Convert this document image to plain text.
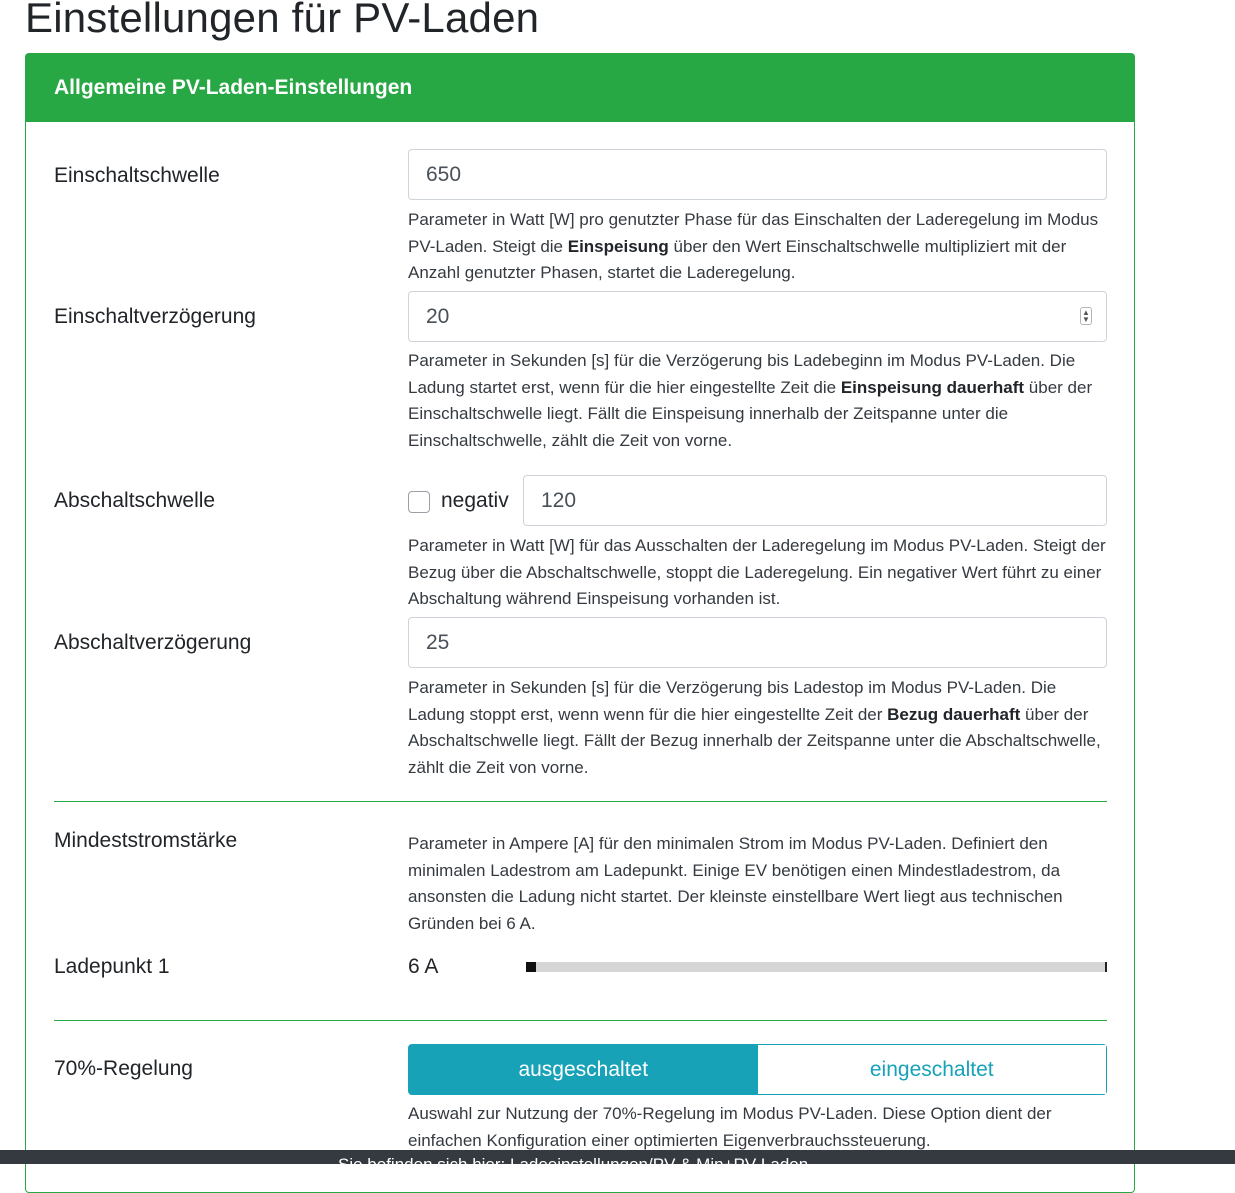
Einstellungen für PV-Laden
Allgemeine PV-Laden-Einstellungen
Einschaltschwelle	650
Parameter in Watt [W] pro genutzter Phase für das Einschalten der Laderegelung im Modus PV-Laden. Steigt die Einspeisung über den Wert Einschaltschwelle multipliziert mit der Anzahl genutzter Phasen, startet die Laderegelung.
Einschaltverzögerung	20	▲
▼
Parameter in Sekunden [s] für die Verzögerung bis Ladebeginn im Modus PV-Laden. Die Ladung startet erst, wenn für die hier eingestellte Zeit die Einspeisung dauerhaft über der Einschaltschwelle liegt. Fällt die Einspeisung innerhalb der Zeitspanne unter die Einschaltschwelle, zählt die Zeit von vorne.
Abschaltschwelle	negativ	120
Parameter in Watt [W] für das Ausschalten der Laderegelung im Modus PV-Laden. Steigt der Bezug über die Abschaltschwelle, stoppt die Laderegelung. Ein negativer Wert führt zu einer Abschaltung während Einspeisung vorhanden ist.
Abschaltverzögerung	25
Parameter in Sekunden [s] für die Verzögerung bis Ladestop im Modus PV-Laden. Die Ladung stoppt erst, wenn wenn für die hier eingestellte Zeit der Bezug dauerhaft über der Abschaltschwelle liegt. Fällt der Bezug innerhalb der Zeitspanne unter die Abschaltschwelle, zählt die Zeit von vorne.
Mindeststromstärke	Parameter in Ampere [A] für den minimalen Strom im Modus PV-Laden. Definiert den minimalen Ladestrom am Ladepunkt. Einige EV benötigen einen Mindestladestrom, da ansonsten die Ladung nicht startet. Der kleinste einstellbare Wert liegt aus technischen Gründen bei 6 A.
Ladepunkt 1	6 A
70%-Regelung	ausgeschaltet	eingeschaltet
Auswahl zur Nutzung der 70%-Regelung im Modus PV-Laden. Diese Option dient der einfachen Konfiguration einer optimierten Eigenverbrauchssteuerung.
Sie befinden sich hier: Ladeeinstellungen/PV & Min+PV-Laden
